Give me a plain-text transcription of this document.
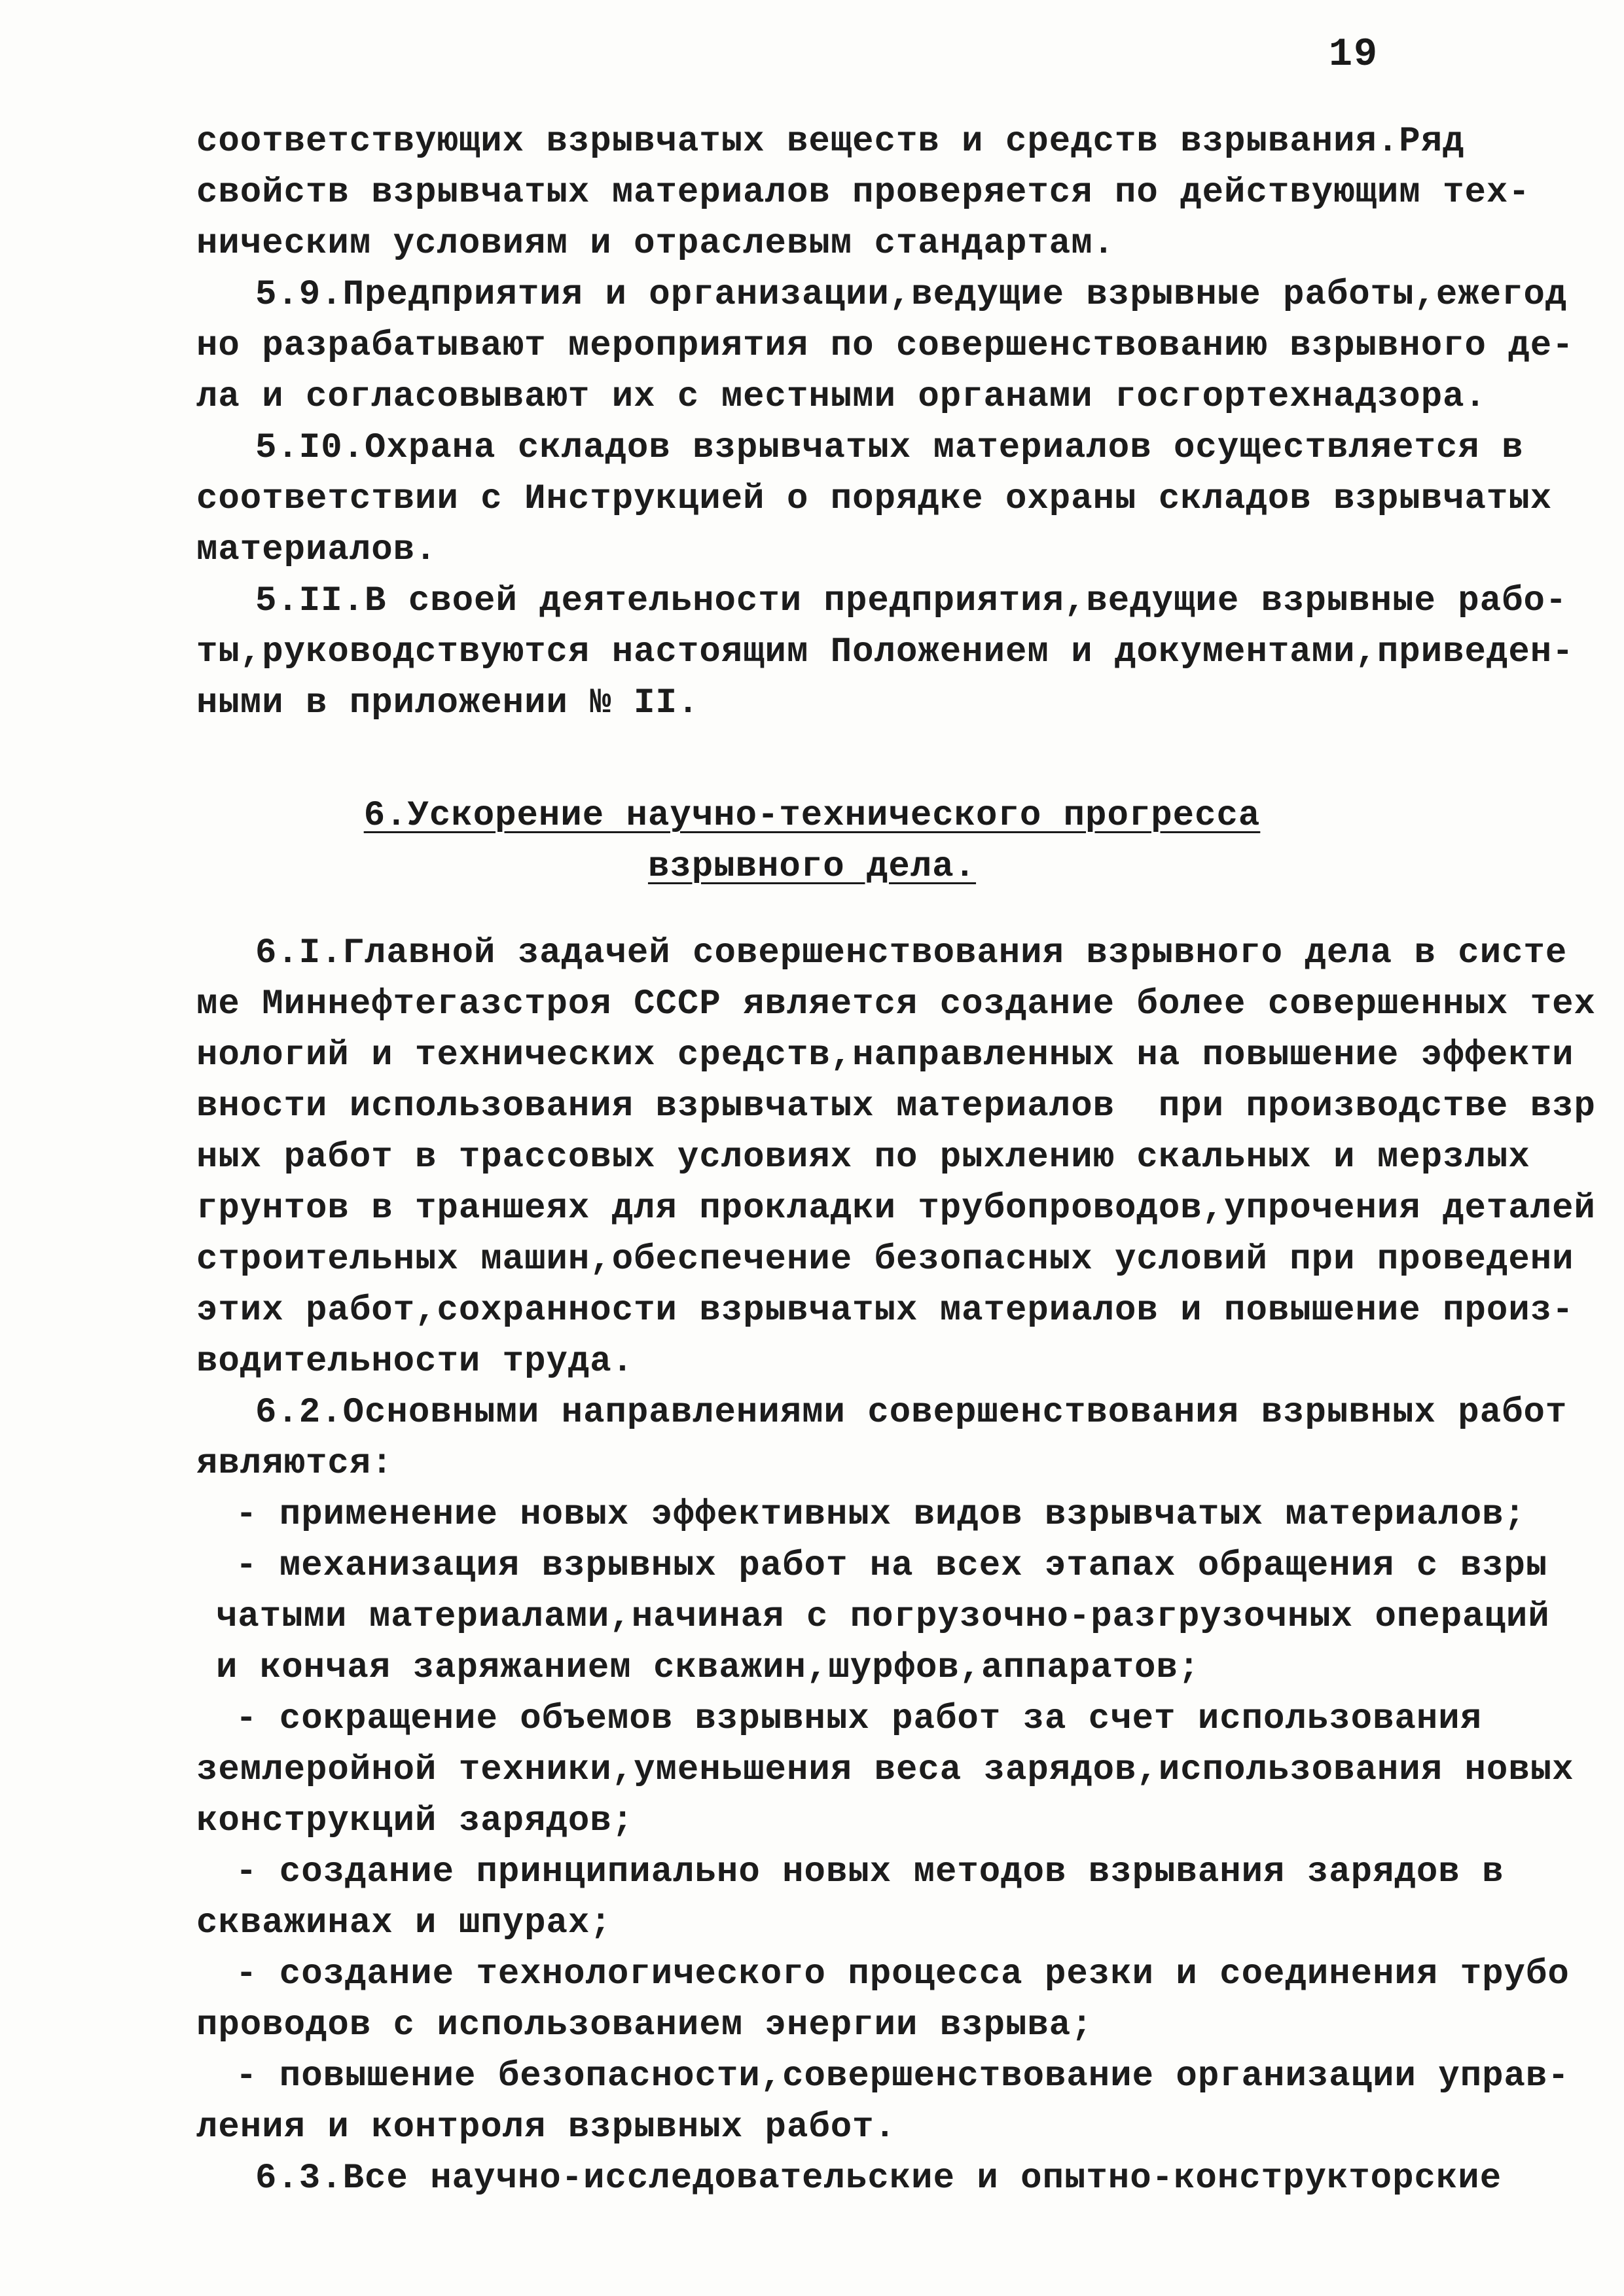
19
соответствующих взрывчатых веществ и средств взрывания.Ряд
свойств взрывчатых материалов проверяется по действующим тех-
ническим условиям и отраслевым стандартам.
5.9.Предприятия и организации,ведущие взрывные работы,ежегод
но разрабатывают мероприятия по совершенствованию взрывного де-
ла и согласовывают их с местными органами госгортехнадзора.
5.I0.Охрана складов взрывчатых материалов осуществляется в
соответствии с Инструкцией о порядке охраны складов взрывчатых
материалов.
5.II.В своей деятельности предприятия,ведущие взрывные рабо-
ты,руководствуются настоящим Положением и документами,приведен-
ными в приложении № II.
6.Ускорение научно-технического прогресса
взрывного дела.
6.I.Главной задачей совершенствования взрывного дела в систе
ме Миннефтегазстроя СССР является создание более совершенных тех
нологий и технических средств,направленных на повышение эффекти
вности использования взрывчатых материалов  при производстве взр
ных работ в трассовых условиях по рыхлению скальных и мерзлых
грунтов в траншеях для прокладки трубопроводов,упрочения деталей
строительных машин,обеспечение безопасных условий при проведени
этих работ,сохранности взрывчатых материалов и повышение произ-
водительности труда.
6.2.Основными направлениями совершенствования взрывных работ
являются:
- применение новых эффективных видов взрывчатых материалов;
- механизация взрывных работ на всех этапах обращения с взры
чатыми материалами,начиная с погрузочно-разгрузочных операций
и кончая заряжанием скважин,шурфов,аппаратов;
- сокращение объемов взрывных работ за счет использования
землеройной техники,уменьшения веса зарядов,использования новых
конструкций зарядов;
- создание принципиально новых методов взрывания зарядов в
скважинах и шпурах;
- создание технологического процесса резки и соединения трубо
проводов с использованием энергии взрыва;
- повышение безопасности,совершенствование организации управ-
ления и контроля взрывных работ.
6.3.Все научно-исследовательские и опытно-конструкторские
